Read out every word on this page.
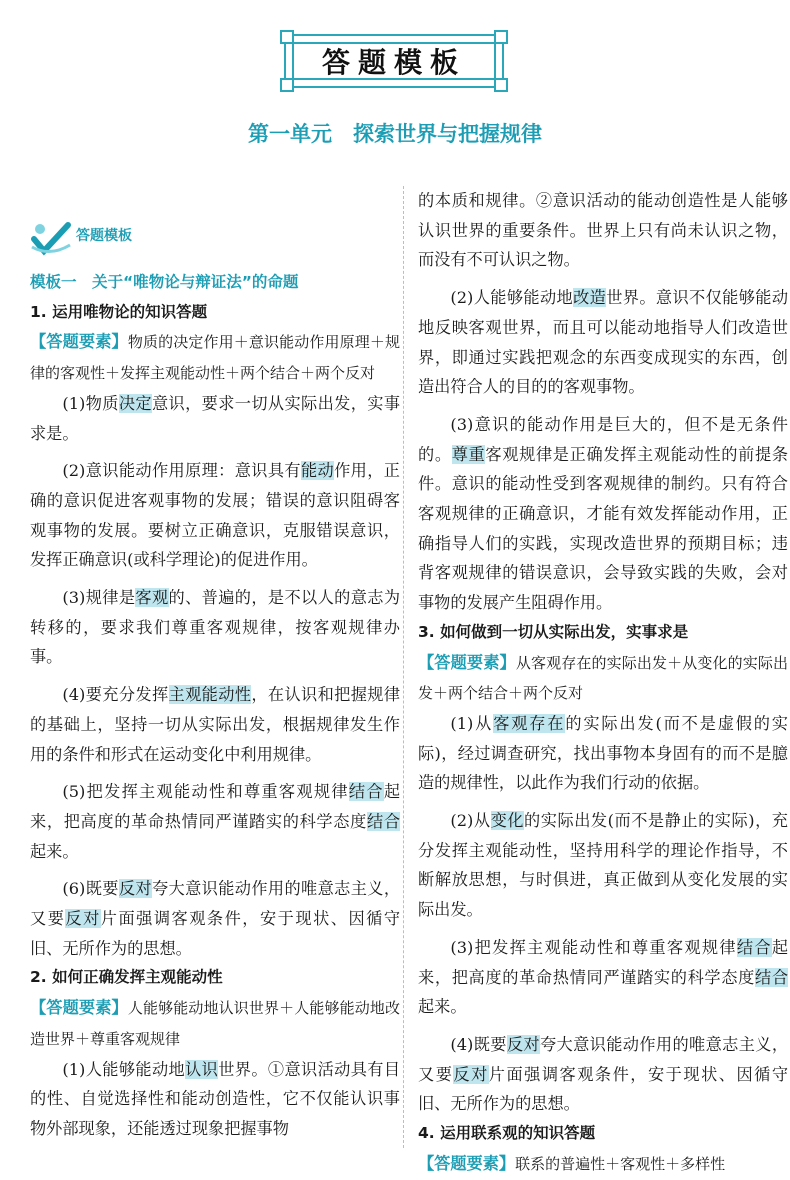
答题模板
第一单元　探索世界与把握规律
答题模板

模板一　关于“唯物论与辩证法”的命题

1. 运用唯物论的知识答题

【答题要素】物质的决定作用＋意识能动作用原理＋规律的客观性＋发挥主观能动性＋两个结合＋两个反对

(1)物质决定意识，要求一切从实际出发，实事求是。

(2)意识能动作用原理：意识具有能动作用，正确的意识促进客观事物的发展；错误的意识阻碍客观事物的发展。要树立正确意识，克服错误意识，发挥正确意识(或科学理论)的促进作用。

(3)规律是客观的、普遍的，是不以人的意志为转移的，要求我们尊重客观规律，按客观规律办事。

(4)要充分发挥主观能动性，在认识和把握规律的基础上，坚持一切从实际出发，根据规律发生作用的条件和形式在运动变化中利用规律。

(5)把发挥主观能动性和尊重客观规律结合起来，把高度的革命热情同严谨踏实的科学态度结合起来。

(6)既要反对夸大意识能动作用的唯意志主义，又要反对片面强调客观条件，安于现状、因循守旧、无所作为的思想。

2. 如何正确发挥主观能动性

【答题要素】人能够能动地认识世界＋人能够能动地改造世界＋尊重客观规律

(1)人能够能动地认识世界。①意识活动具有目的性、自觉选择性和能动创造性，它不仅能认识事物外部现象，还能透过现象把握事物

的本质和规律。②意识活动的能动创造性是人能够认识世界的重要条件。世界上只有尚未认识之物，而没有不可认识之物。

(2)人能够能动地改造世界。意识不仅能够能动地反映客观世界，而且可以能动地指导人们改造世界，即通过实践把观念的东西变成现实的东西，创造出符合人的目的的客观事物。

(3)意识的能动作用是巨大的，但不是无条件的。尊重客观规律是正确发挥主观能动性的前提条件。意识的能动性受到客观规律的制约。只有符合客观规律的正确意识，才能有效发挥能动作用，正确指导人们的实践，实现改造世界的预期目标；违背客观规律的错误意识，会导致实践的失败，会对事物的发展产生阻碍作用。

3. 如何做到一切从实际出发，实事求是

【答题要素】从客观存在的实际出发＋从变化的实际出发＋两个结合＋两个反对

(1)从客观存在的实际出发(而不是虚假的实际)，经过调查研究，找出事物本身固有的而不是臆造的规律性，以此作为我们行动的依据。

(2)从变化的实际出发(而不是静止的实际)，充分发挥主观能动性，坚持用科学的理论作指导，不断解放思想，与时俱进，真正做到从变化发展的实际出发。

(3)把发挥主观能动性和尊重客观规律结合起来，把高度的革命热情同严谨踏实的科学态度结合起来。

(4)既要反对夸大意识能动作用的唯意志主义，又要反对片面强调客观条件，安于现状、因循守旧、无所作为的思想。

4. 运用联系观的知识答题

【答题要素】联系的普遍性＋客观性＋多样性
